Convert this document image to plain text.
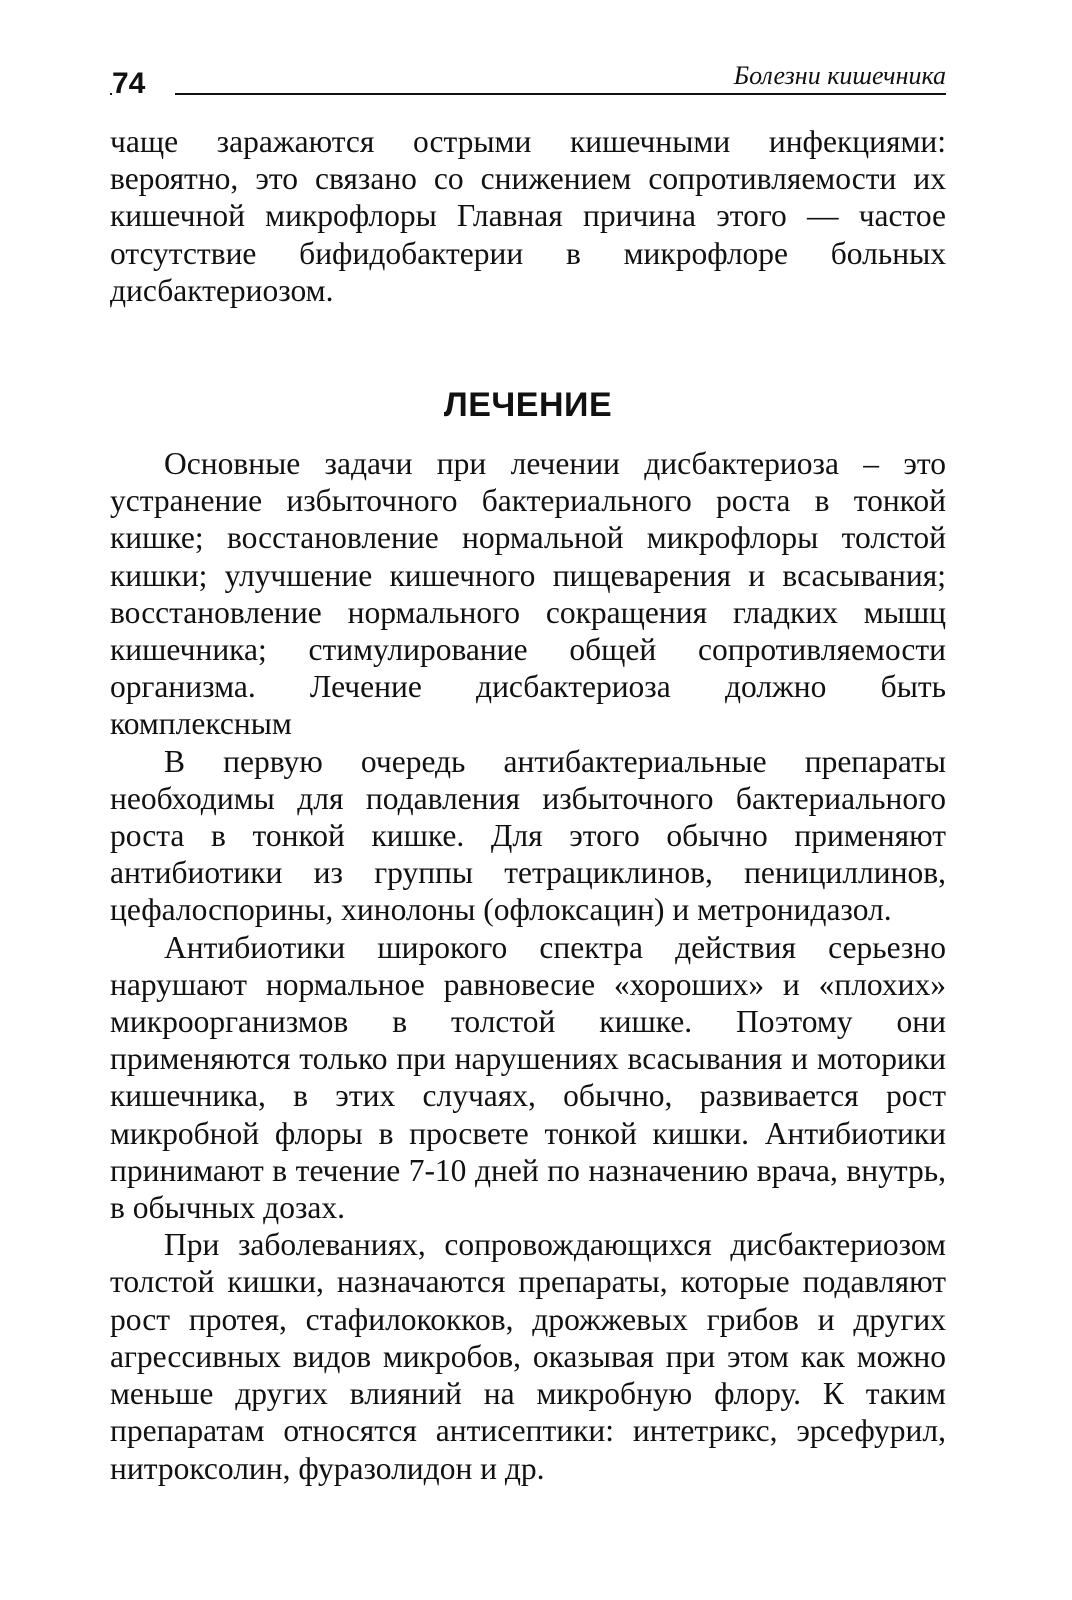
74	Болезни кишечника

чаще заражаются острыми кишечными инфекциями: вероятно, это связано со снижением сопротивляемости их кишечной микрофлоры Главная причина этого — частое отсутствие бифидобактерии в микрофлоре больных дисбактериозом.

ЛЕЧЕНИЕ

Основные задачи при лечении дисбактериоза – это устранение избыточного бактериального роста в тонкой кишке; восстановление нормальной микрофлоры толстой кишки; улучшение кишечного пищеварения и всасывания; восстановление нормального сокращения гладких мышц кишечника; стимулирование общей сопротивляемости организма. Лечение дисбактериоза должно быть комплексным

В первую очередь антибактериальные препараты необходимы для подавления избыточного бактериального роста в тонкой кишке. Для этого обычно применяют антибиотики из группы тетрациклинов, пенициллинов, цефалоспорины, хинолоны (офлоксацин) и метронидазол.

Антибиотики широкого спектра действия серьезно нарушают нормальное равновесие «хороших» и «плохих» микроорганизмов в толстой кишке. Поэтому они применяются только при нарушениях всасывания и моторики кишечника, в этих случаях, обычно, развивается рост микробной флоры в просвете тонкой кишки. Антибиотики принимают в течение 7-10 дней по назначению врача, внутрь, в обычных дозах.

При заболеваниях, сопровождающихся дисбактериозом толстой кишки, назначаются препараты, которые подавляют рост протея, стафилококков, дрожжевых грибов и других агрессивных видов микробов, оказывая при этом как можно меньше других влияний на микробную флору. К таким препаратам относятся антисептики: интетрикс, эрсефурил, нитроксолин, фуразолидон и др.
